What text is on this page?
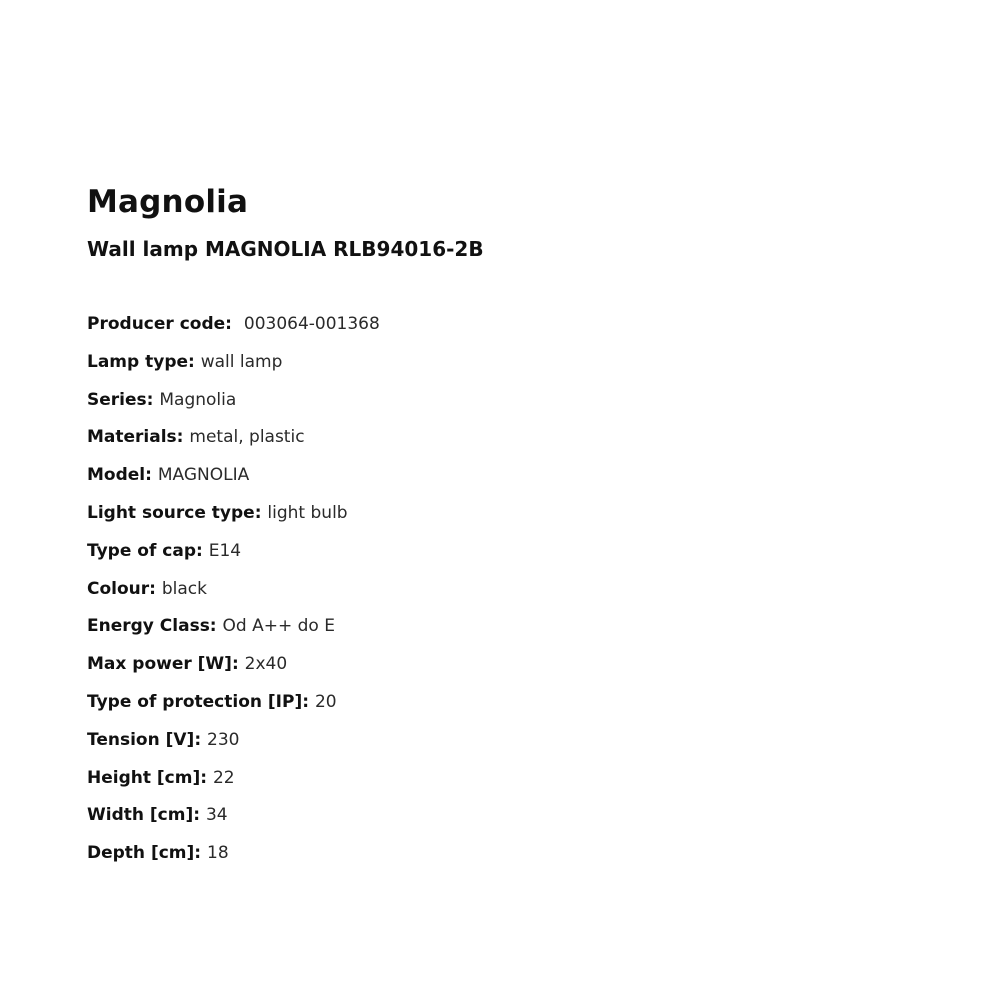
Magnolia
Wall lamp MAGNOLIA RLB94016-2B
Producer code: 003064-001368
Lamp type: wall lamp
Series: Magnolia
Materials: metal, plastic
Model: MAGNOLIA
Light source type: light bulb
Type of cap: E14
Colour: black
Energy Class: Od A++ do E
Max power [W]: 2x40
Type of protection [IP]: 20
Tension [V]: 230
Height [cm]: 22
Width [cm]: 34
Depth [cm]: 18
